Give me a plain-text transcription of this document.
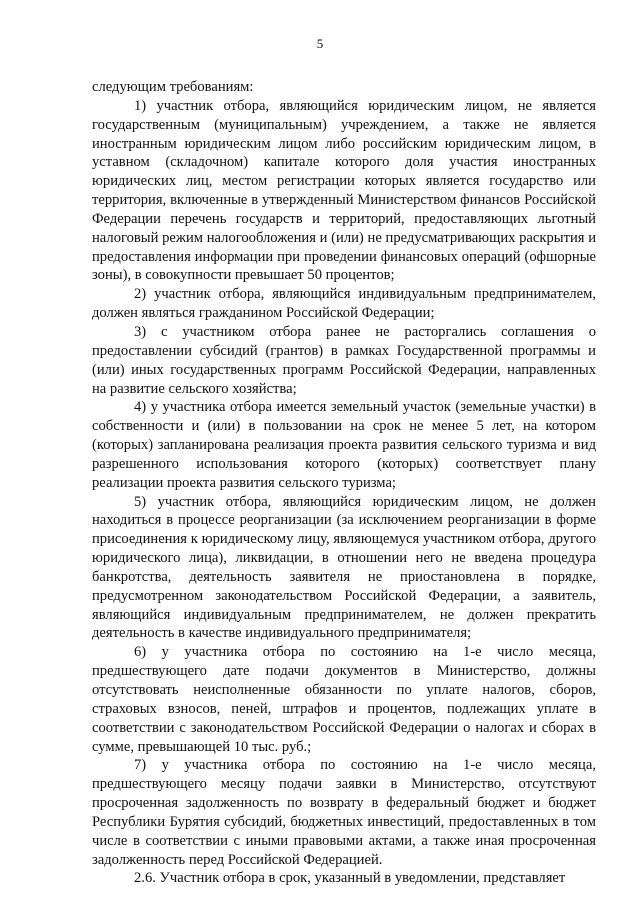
5

следующим требованиям:

1) участник отбора, являющийся юридическим лицом, не является государственным (муниципальным) учреждением, а также не является иностранным юридическим лицом либо российским юридическим лицом, в уставном (складочном) капитале которого доля участия иностранных юридических лиц, местом регистрации которых является государство или территория, включенные в утвержденный Министерством финансов Российской Федерации перечень государств и территорий, предоставляющих льготный налоговый режим налогообложения и (или) не предусматривающих раскрытия и предоставления информации при проведении финансовых операций (офшорные зоны), в совокупности превышает 50 процентов;

2) участник отбора, являющийся индивидуальным предпринимателем, должен являться гражданином Российской Федерации;

3) с участником отбора ранее не расторгались соглашения о предоставлении субсидий (грантов) в рамках Государственной программы и (или) иных государственных программ Российской Федерации, направленных на развитие сельского хозяйства;

4) у участника отбора имеется земельный участок (земельные участки) в собственности и (или) в пользовании на срок не менее 5 лет, на котором (которых) запланирована реализация проекта развития сельского туризма и вид разрешенного использования которого (которых) соответствует плану реализации проекта развития сельского туризма;

5) участник отбора, являющийся юридическим лицом, не должен находиться в процессе реорганизации (за исключением реорганизации в форме присоединения к юридическому лицу, являющемуся участником отбора, другого юридического лица), ликвидации, в отношении него не введена процедура банкротства, деятельность заявителя не приостановлена в порядке, предусмотренном законодательством Российской Федерации, а заявитель, являющийся индивидуальным предпринимателем, не должен прекратить деятельность в качестве индивидуального предпринимателя;

6) у участника отбора по состоянию на 1-е число месяца, предшествующего дате подачи документов в Министерство, должны отсутствовать неисполненные обязанности по уплате налогов, сборов, страховых взносов, пеней, штрафов и процентов, подлежащих уплате в соответствии с законодательством Российской Федерации о налогах и сборах в сумме, превышающей 10 тыс. руб.;

7) у участника отбора по состоянию на 1-е число месяца, предшествующего месяцу подачи заявки в Министерство, отсутствуют просроченная задолженность по возврату в федеральный бюджет и бюджет Республики Бурятия субсидий, бюджетных инвестиций, предоставленных в том числе в соответствии с иными правовыми актами, а также иная просроченная задолженность перед Российской Федерацией.

2.6. Участник отбора в срок, указанный в уведомлении, представляет
